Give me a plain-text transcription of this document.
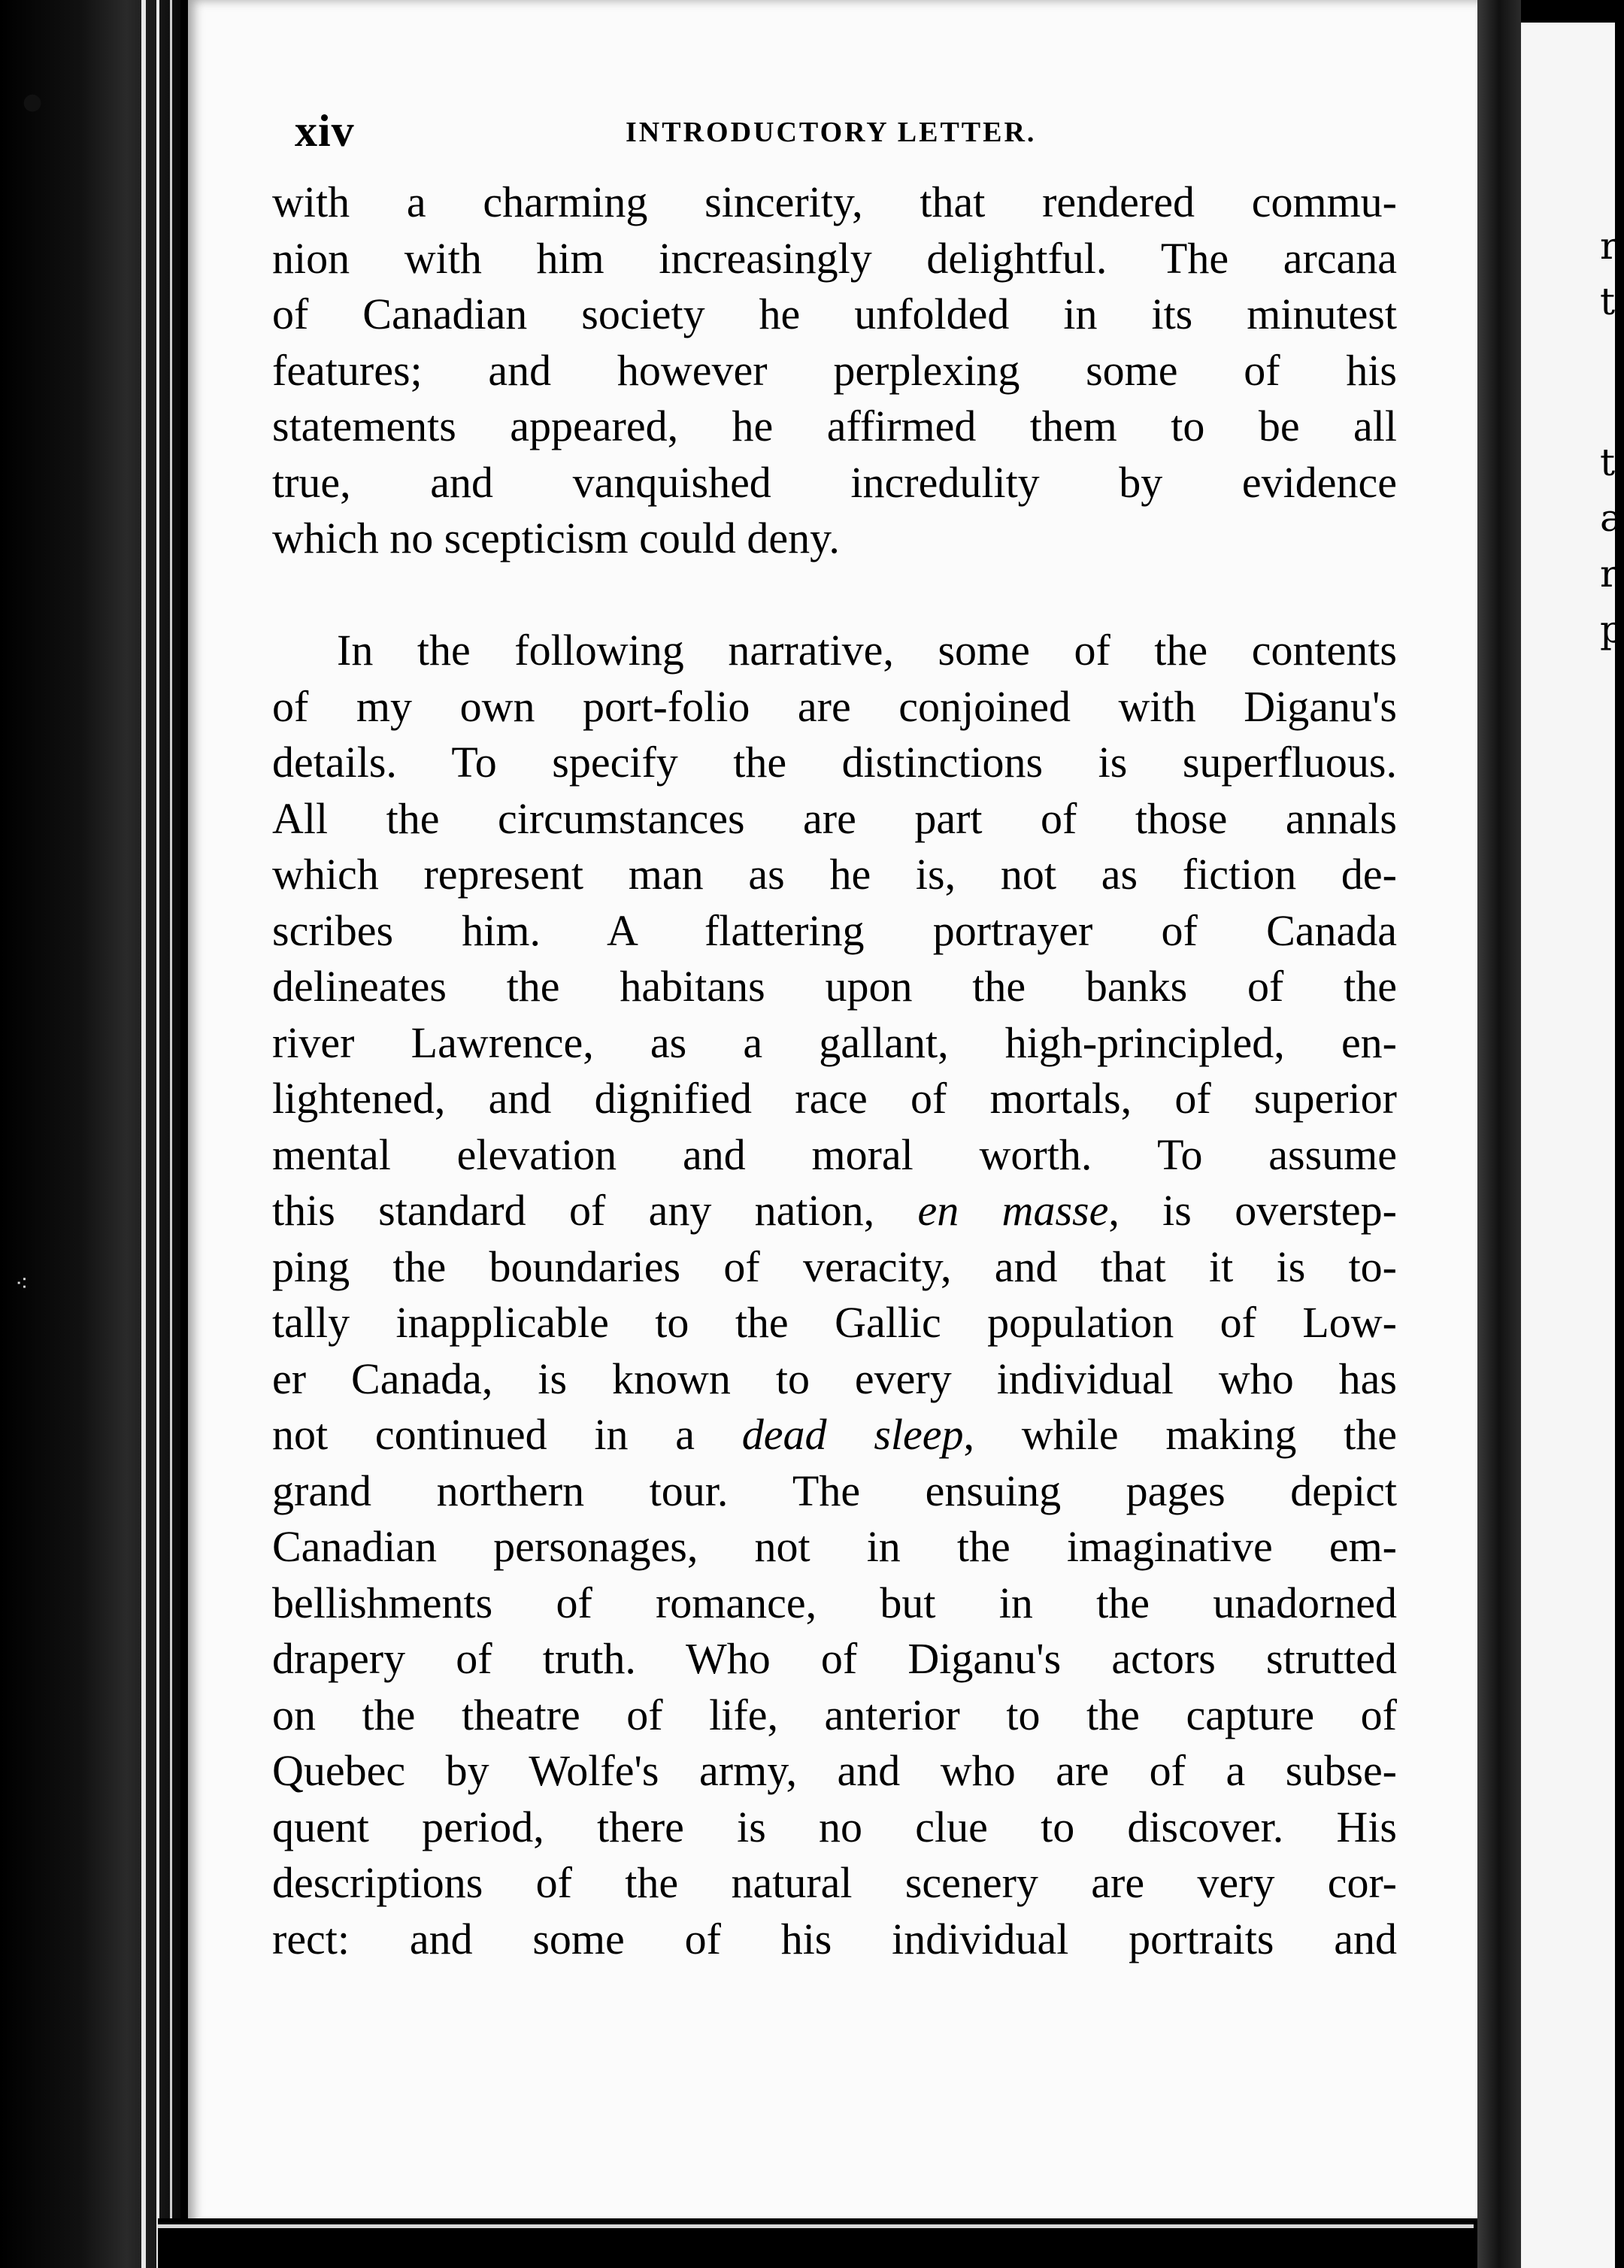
●
⁖
r
t
t
a
r
p
xiv	INTRODUCTORY LETTER.
with a charming sincerity, that rendered commu-
nion with him increasingly delightful. The arcana
of Canadian society he unfolded in its minutest
features; and however perplexing some of his
statements appeared, he affirmed them to be all
true, and vanquished incredulity by evidence
which no scepticism could deny.
In the following narrative, some of the contents
of my own port-folio are conjoined with Diganu's
details. To specify the distinctions is superfluous.
All the circumstances are part of those annals
which represent man as he is, not as fiction de-
scribes him. A flattering portrayer of Canada
delineates the habitans upon the banks of the
river Lawrence, as a gallant, high-principled, en-
lightened, and dignified race of mortals, of superior
mental elevation and moral worth. To assume
this standard of any nation, en masse, is overstep-
ping the boundaries of veracity, and that it is to-
tally inapplicable to the Gallic population of Low-
er Canada, is known to every individual who has
not continued in a dead sleep, while making the
grand northern tour. The ensuing pages depict
Canadian personages, not in the imaginative em-
bellishments of romance, but in the unadorned
drapery of truth. Who of Diganu's actors strutted
on the theatre of life, anterior to the capture of
Quebec by Wolfe's army, and who are of a subse-
quent period, there is no clue to discover. His
descriptions of the natural scenery are very cor-
rect: and some of his individual portraits and
